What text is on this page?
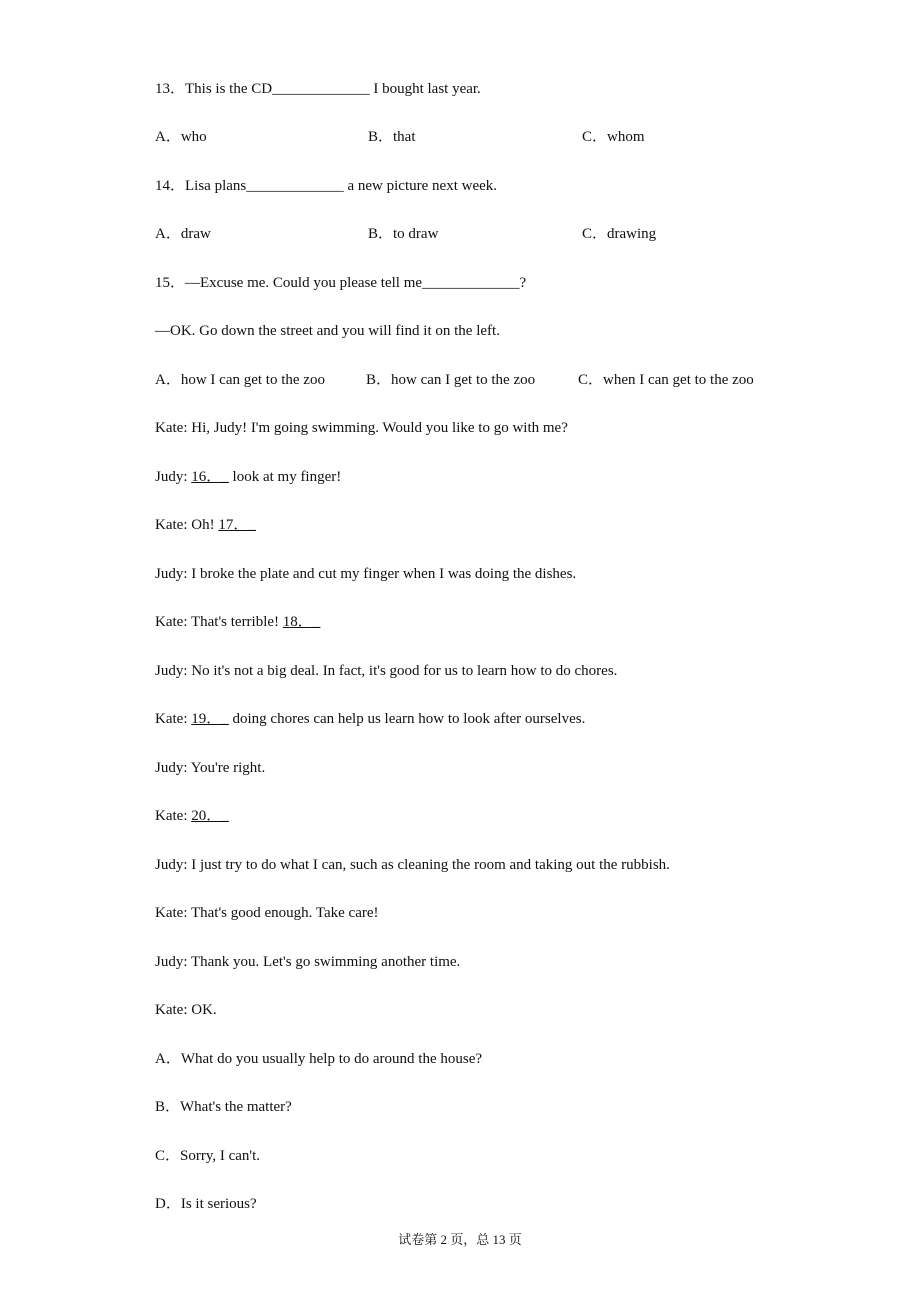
13．This is the CD_____________ I bought last year.
A．who	B．that	C．whom
14．Lisa plans_____________ a new picture next week.
A．draw	B．to draw	C．drawing
15．—Excuse me. Could you please tell me_____________?
—OK. Go down the street and you will find it on the left.
A．how I can get to the zoo	B．how can I get to the zoo	C．when I can get to the zoo
Kate: Hi, Judy! I'm going swimming. Would you like to go with me?
Judy: 16．_ look at my finger!
Kate: Oh! 17．_
Judy: I broke the plate and cut my finger when I was doing the dishes.
Kate: That's terrible! 18．_
Judy: No it's not a big deal. In fact, it's good for us to learn how to do chores.
Kate: 19．_ doing chores can help us learn how to look after ourselves.
Judy: You're right.
Kate: 20．_
Judy: I just try to do what I can, such as cleaning the room and taking out the rubbish.
Kate: That's good enough. Take care!
Judy: Thank you. Let's go swimming another time.
Kate: OK.
A．What do you usually help to do around the house?
B．What's the matter?
C．Sorry, I can't.
D．Is it serious?
试卷第 2 页，总 13 页
